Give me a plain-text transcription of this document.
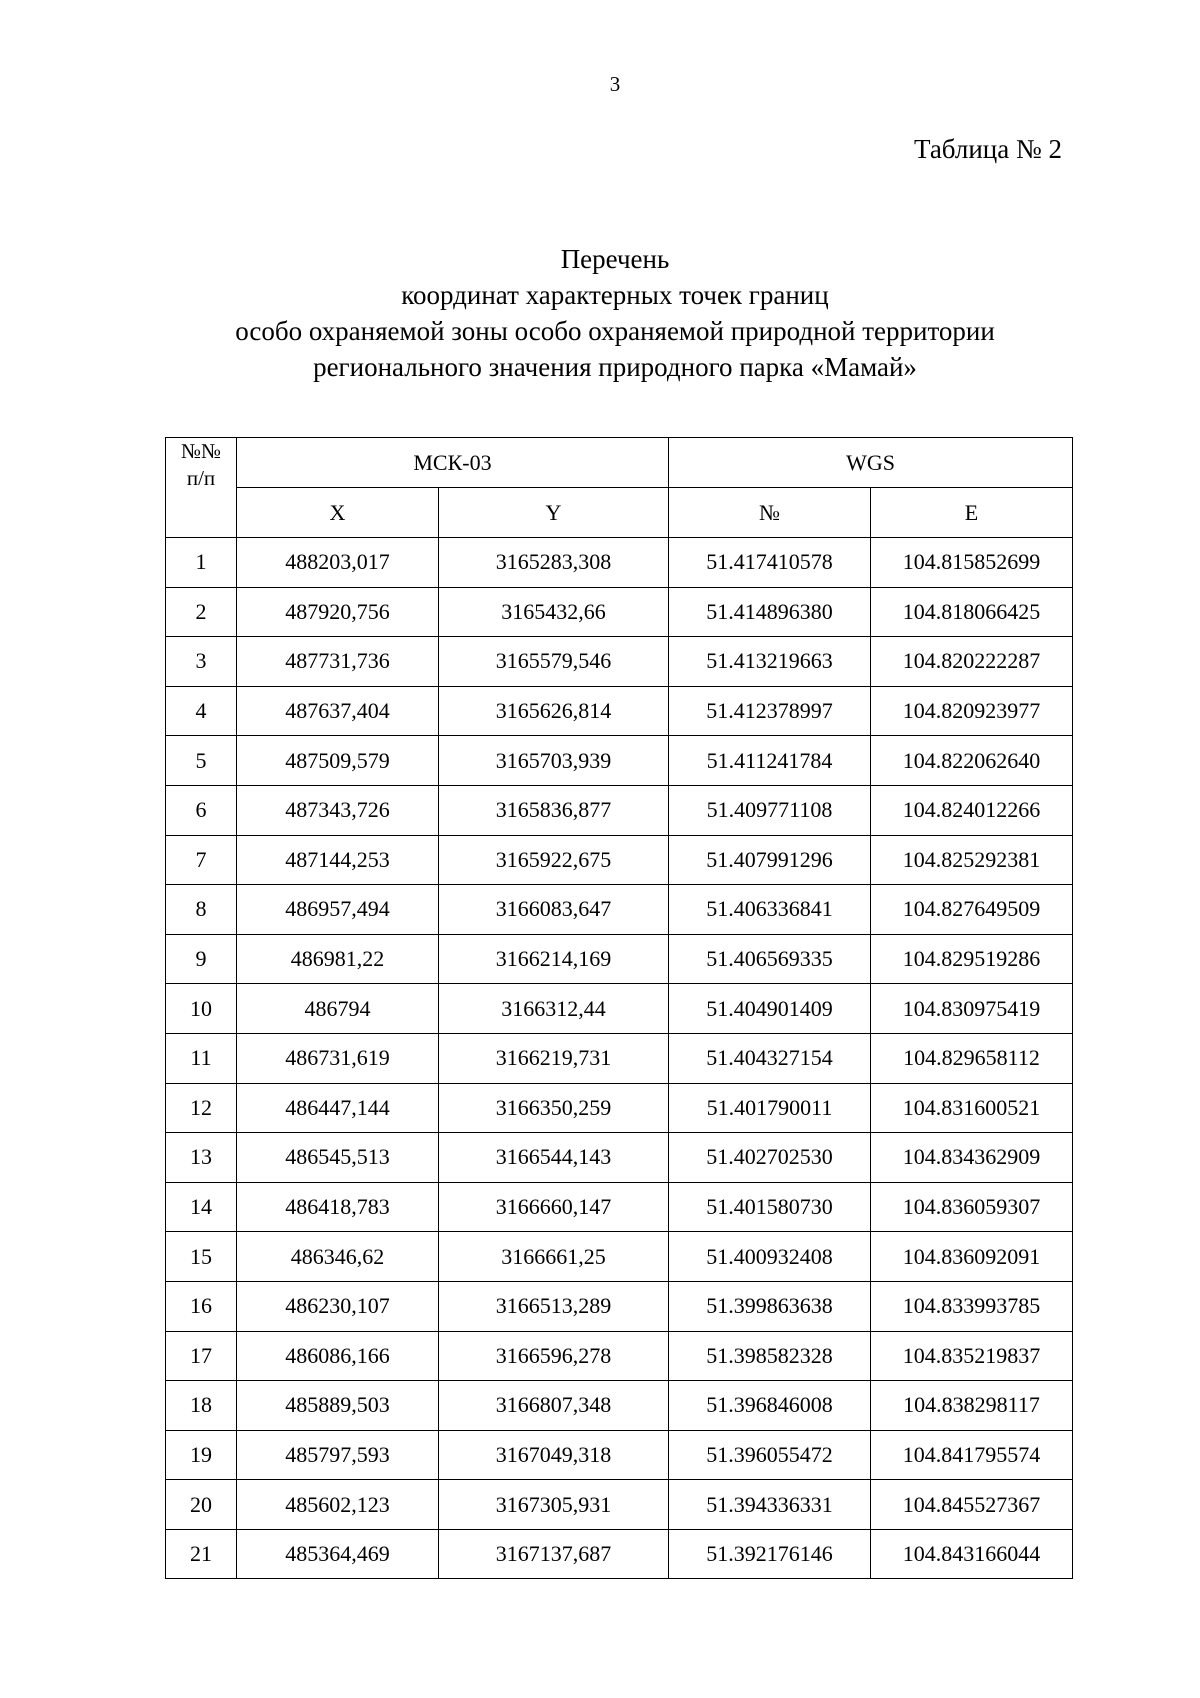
3
Таблица № 2
Перечень
координат характерных точек границ
особо охраняемой зоны особо охраняемой природной территории
регионального значения природного парка «Мамай»
№№
п/п	МСК-03		WGS	
	X	Y	№	E
1	488203,017	3165283,308	51.417410578	104.815852699
2	487920,756	3165432,66	51.414896380	104.818066425
3	487731,736	3165579,546	51.413219663	104.820222287
4	487637,404	3165626,814	51.412378997	104.820923977
5	487509,579	3165703,939	51.411241784	104.822062640
6	487343,726	3165836,877	51.409771108	104.824012266
7	487144,253	3165922,675	51.407991296	104.825292381
8	486957,494	3166083,647	51.406336841	104.827649509
9	486981,22	3166214,169	51.406569335	104.829519286
10	486794	3166312,44	51.404901409	104.830975419
11	486731,619	3166219,731	51.404327154	104.829658112
12	486447,144	3166350,259	51.401790011	104.831600521
13	486545,513	3166544,143	51.402702530	104.834362909
14	486418,783	3166660,147	51.401580730	104.836059307
15	486346,62	3166661,25	51.400932408	104.836092091
16	486230,107	3166513,289	51.399863638	104.833993785
17	486086,166	3166596,278	51.398582328	104.835219837
18	485889,503	3166807,348	51.396846008	104.838298117
19	485797,593	3167049,318	51.396055472	104.841795574
20	485602,123	3167305,931	51.394336331	104.845527367
21	485364,469	3167137,687	51.392176146	104.843166044
